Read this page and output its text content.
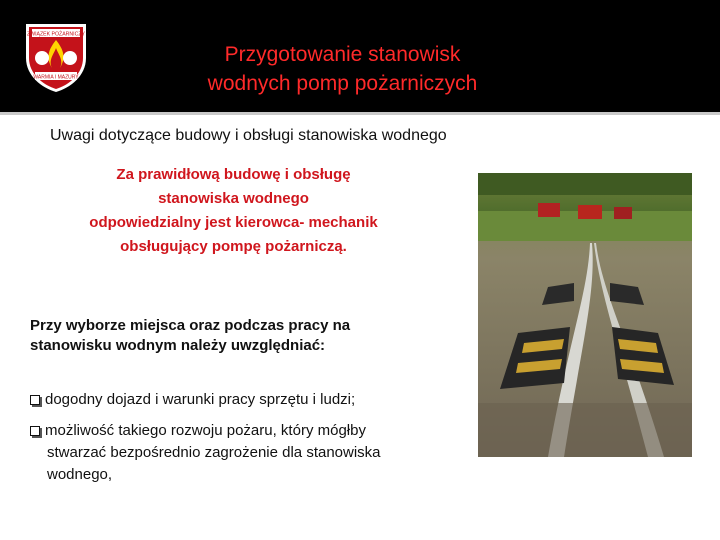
ZWIĄZEK POŻARNICZY
WARMIA I MAZURY
Przygotowanie stanowisk
wodnych pomp pożarniczych
Uwagi dotyczące budowy i obsługi stanowiska wodnego
Za prawidłową budowę i obsługę
stanowiska wodnego
odpowiedzialny jest kierowca- mechanik
obsługujący pompę pożarniczą.
Przy wyborze miejsca oraz podczas pracy na
stanowisku wodnym należy uwzględniać:
dogodny dojazd i warunki pracy sprzętu i ludzi;
możliwość takiego rozwoju pożaru, który mógłby
stwarzać bezpośrednio zagrożenie dla stanowiska
wodnego,
